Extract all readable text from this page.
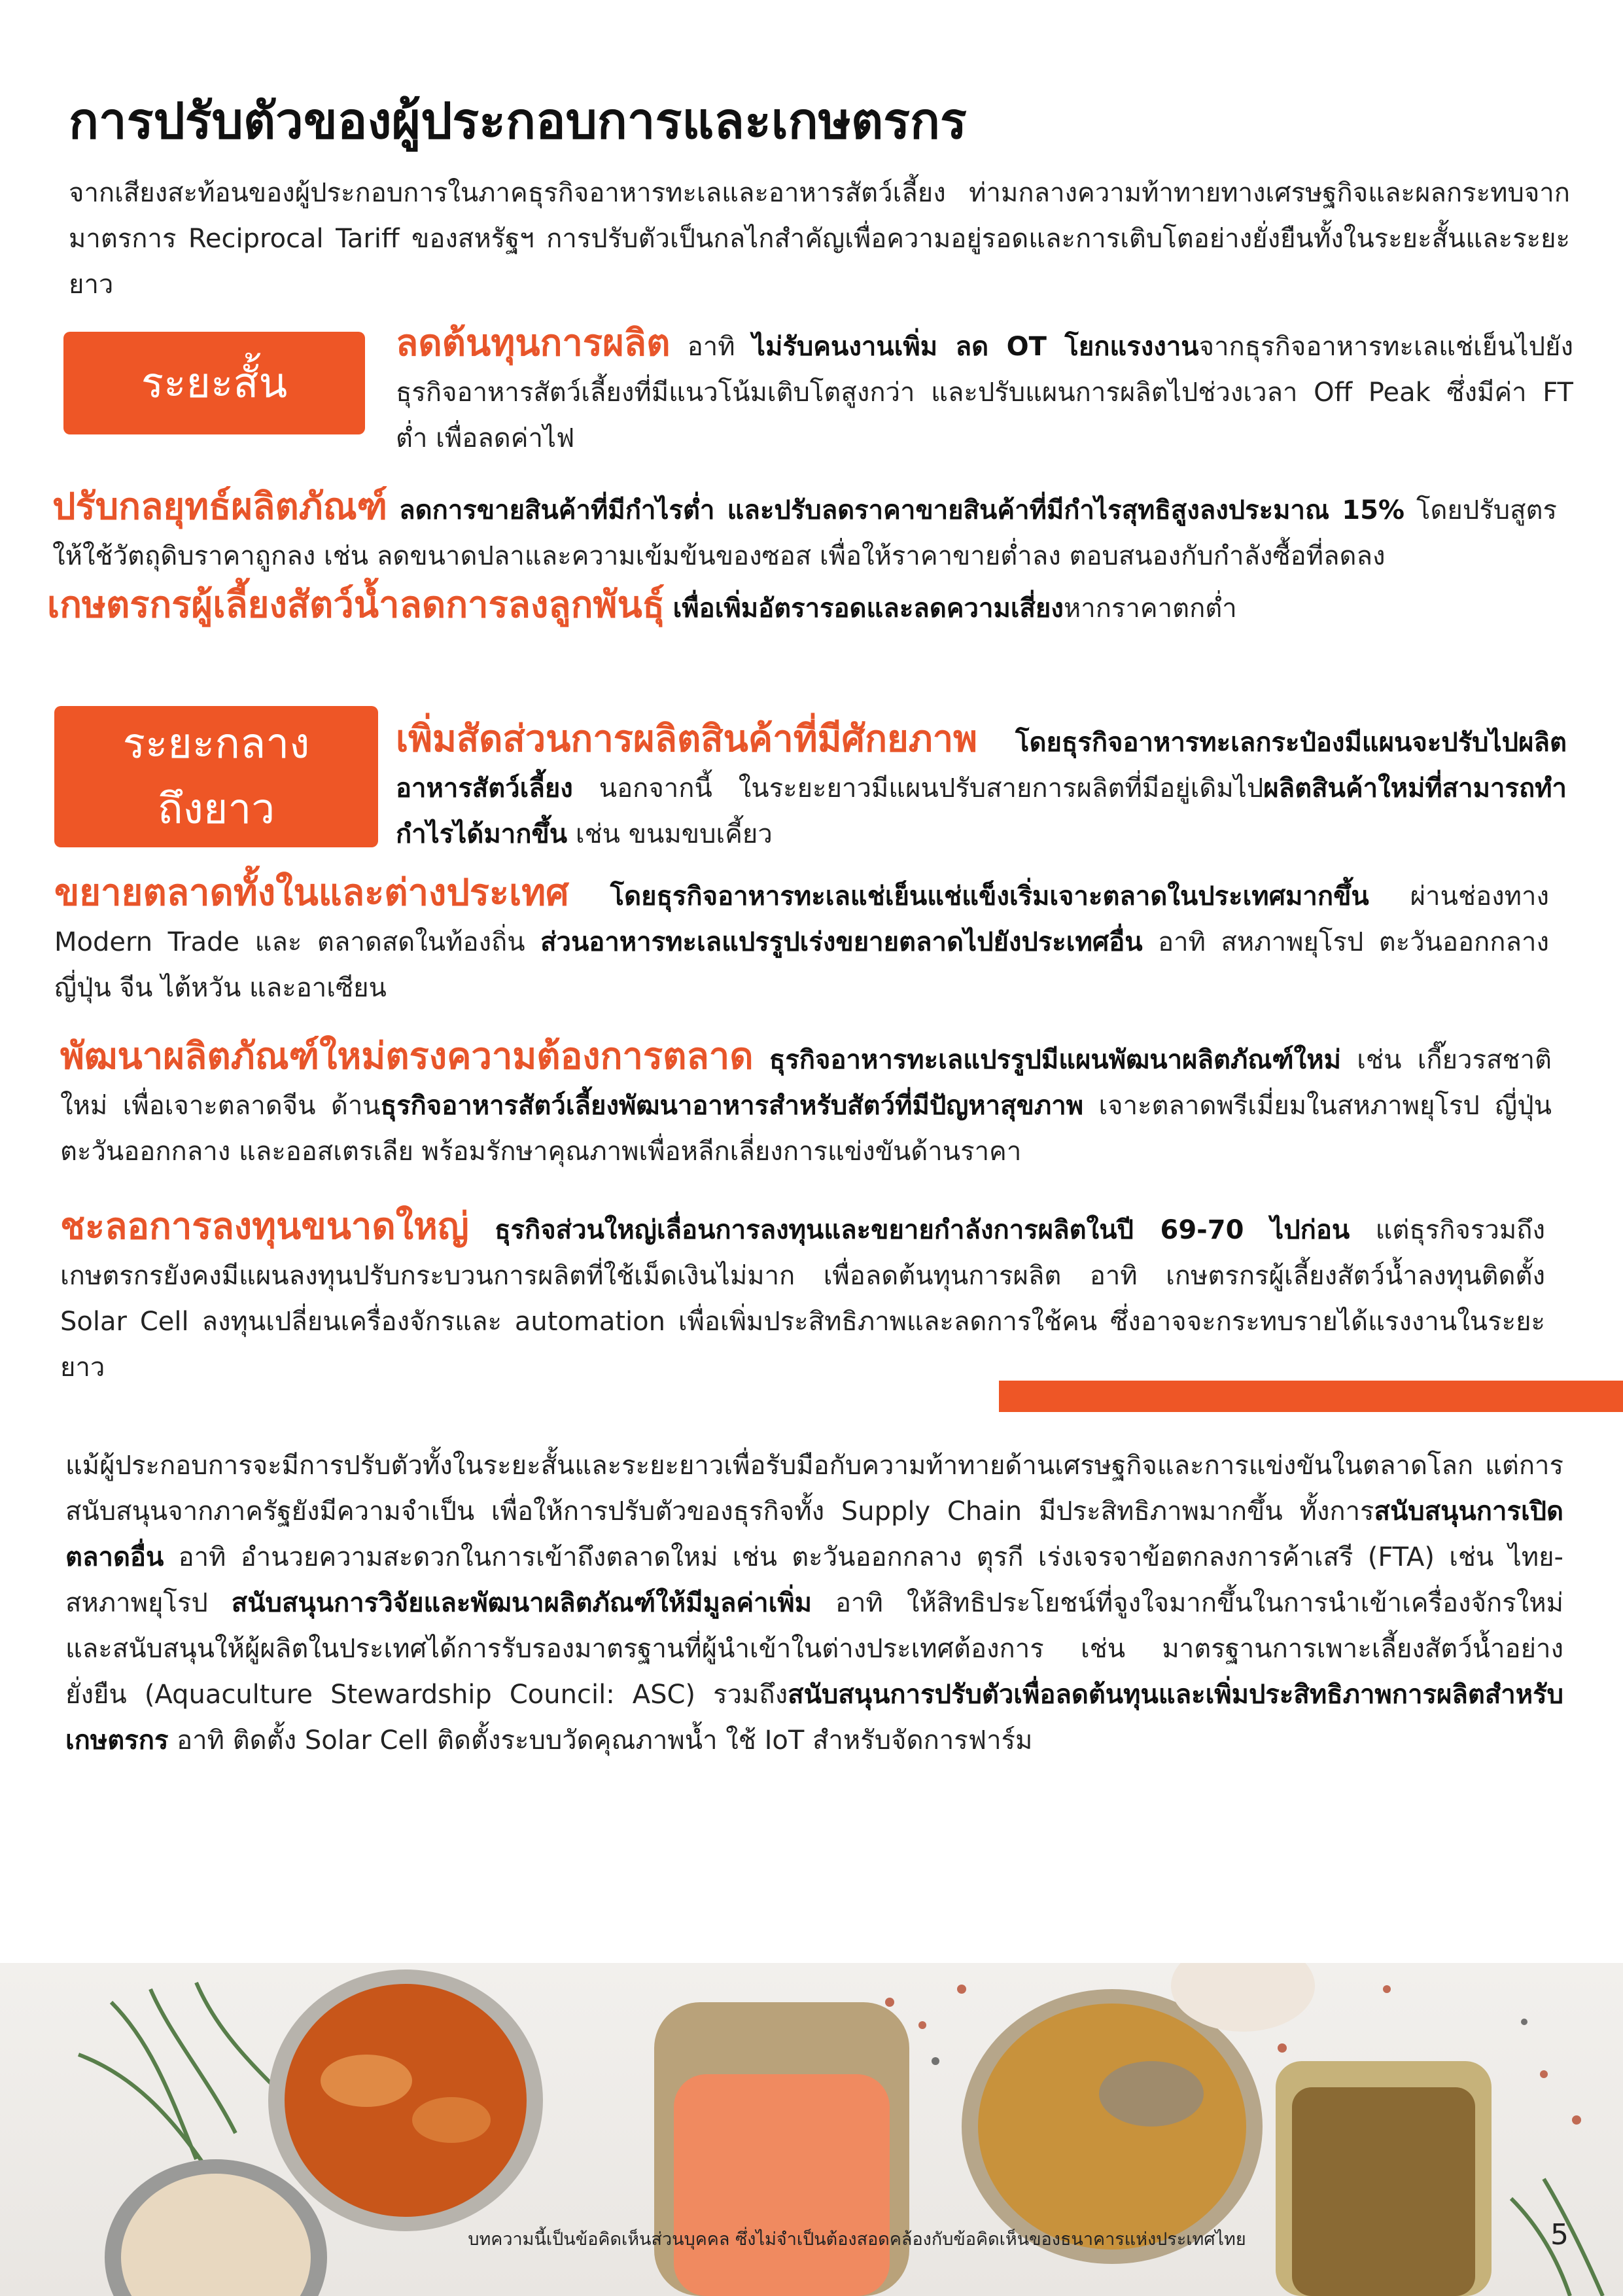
การปรับตัวของผู้ประกอบการและเกษตรกร
จากเสียงสะท้อนของผู้ประกอบการในภาคธุรกิจอาหารทะเลและอาหารสัตว์เลี้ยง ท่ามกลางความท้าทายทางเศรษฐกิจและผลกระทบจากมาตรการ Reciprocal Tariff ของสหรัฐฯ การปรับตัวเป็นกลไกสำคัญเพื่อความอยู่รอดและการเติบโตอย่างยั่งยืนทั้งในระยะสั้นและระยะยาว
ระยะสั้น
ลดต้นทุนการผลิต อาทิ ไม่รับคนงานเพิ่ม ลด OT โยกแรงงานจากธุรกิจอาหารทะเลแช่เย็นไปยังธุรกิจอาหารสัตว์เลี้ยงที่มีแนวโน้มเติบโตสูงกว่า และปรับแผนการผลิตไปช่วงเวลา Off Peak ซึ่งมีค่า FT ต่ำ เพื่อลดค่าไฟ
ปรับกลยุทธ์ผลิตภัณฑ์ ลดการขายสินค้าที่มีกำไรต่ำ และปรับลดราคาขายสินค้าที่มีกำไรสุทธิสูงลงประมาณ 15% โดยปรับสูตรให้ใช้วัตถุดิบราคาถูกลง เช่น ลดขนาดปลาและความเข้มข้นของซอส เพื่อให้ราคาขายต่ำลง ตอบสนองกับกำลังซื้อที่ลดลง
เกษตรกรผู้เลี้ยงสัตว์น้ำลดการลงลูกพันธุ์ เพื่อเพิ่มอัตรารอดและลดความเสี่ยงหากราคาตกต่ำ
ระยะกลาง
ถึงยาว
เพิ่มสัดส่วนการผลิตสินค้าที่มีศักยภาพ โดยธุรกิจอาหารทะเลกระป๋องมีแผนจะปรับไปผลิตอาหารสัตว์เลี้ยง นอกจากนี้ ในระยะยาวมีแผนปรับสายการผลิตที่มีอยู่เดิมไปผลิตสินค้าใหม่ที่สามารถทำกำไรได้มากขึ้น เช่น ขนมขบเคี้ยว
ขยายตลาดทั้งในและต่างประเทศ โดยธุรกิจอาหารทะเลแช่เย็นแช่แข็งเริ่มเจาะตลาดในประเทศมากขึ้น ผ่านช่องทาง Modern Trade และ ตลาดสดในท้องถิ่น ส่วนอาหารทะเลแปรรูปเร่งขยายตลาดไปยังประเทศอื่น อาทิ สหภาพยุโรป ตะวันออกกลาง ญี่ปุ่น จีน ไต้หวัน และอาเซียน
พัฒนาผลิตภัณฑ์ใหม่ตรงความต้องการตลาด ธุรกิจอาหารทะเลแปรรูปมีแผนพัฒนาผลิตภัณฑ์ใหม่ เช่น เกี๊ยวรสชาติใหม่ เพื่อเจาะตลาดจีน ด้านธุรกิจอาหารสัตว์เลี้ยงพัฒนาอาหารสำหรับสัตว์ที่มีปัญหาสุขภาพ เจาะตลาดพรีเมี่ยมในสหภาพยุโรป ญี่ปุ่น ตะวันออกกลาง และออสเตรเลีย พร้อมรักษาคุณภาพเพื่อหลีกเลี่ยงการแข่งขันด้านราคา
ชะลอการลงทุนขนาดใหญ่ ธุรกิจส่วนใหญ่เลื่อนการลงทุนและขยายกำลังการผลิตในปี 69-70 ไปก่อน แต่ธุรกิจรวมถึงเกษตรกรยังคงมีแผนลงทุนปรับกระบวนการผลิตที่ใช้เม็ดเงินไม่มาก เพื่อลดต้นทุนการผลิต อาทิ เกษตรกรผู้เลี้ยงสัตว์น้ำลงทุนติดตั้ง Solar Cell ลงทุนเปลี่ยนเครื่องจักรและ automation เพื่อเพิ่มประสิทธิภาพและลดการใช้คน ซึ่งอาจจะกระทบรายได้แรงงานในระยะยาว
แม้ผู้ประกอบการจะมีการปรับตัวทั้งในระยะสั้นและระยะยาวเพื่อรับมือกับความท้าทายด้านเศรษฐกิจและการแข่งขันในตลาดโลก แต่การสนับสนุนจากภาครัฐยังมีความจำเป็น เพื่อให้การปรับตัวของธุรกิจทั้ง Supply Chain มีประสิทธิภาพมากขึ้น ทั้งการสนับสนุนการเปิดตลาดอื่น อาทิ อำนวยความสะดวกในการเข้าถึงตลาดใหม่ เช่น ตะวันออกกลาง ตุรกี เร่งเจรจาข้อตกลงการค้าเสรี (FTA) เช่น ไทย-สหภาพยุโรป สนับสนุนการวิจัยและพัฒนาผลิตภัณฑ์ให้มีมูลค่าเพิ่ม อาทิ ให้สิทธิประโยชน์ที่จูงใจมากขึ้นในการนำเข้าเครื่องจักรใหม่ และสนับสนุนให้ผู้ผลิตในประเทศได้การรับรองมาตรฐานที่ผู้นำเข้าในต่างประเทศต้องการ เช่น มาตรฐานการเพาะเลี้ยงสัตว์น้ำอย่างยั่งยืน (Aquaculture Stewardship Council: ASC) รวมถึงสนับสนุนการปรับตัวเพื่อลดต้นทุนและเพิ่มประสิทธิภาพการผลิตสำหรับเกษตรกร อาทิ ติดตั้ง Solar Cell ติดตั้งระบบวัดคุณภาพน้ำ ใช้ IoT สำหรับจัดการฟาร์ม
บทความนี้เป็นข้อคิดเห็นส่วนบุคคล ซึ่งไม่จำเป็นต้องสอดคล้องกับข้อคิดเห็นของธนาคารแห่งประเทศไทย	5
